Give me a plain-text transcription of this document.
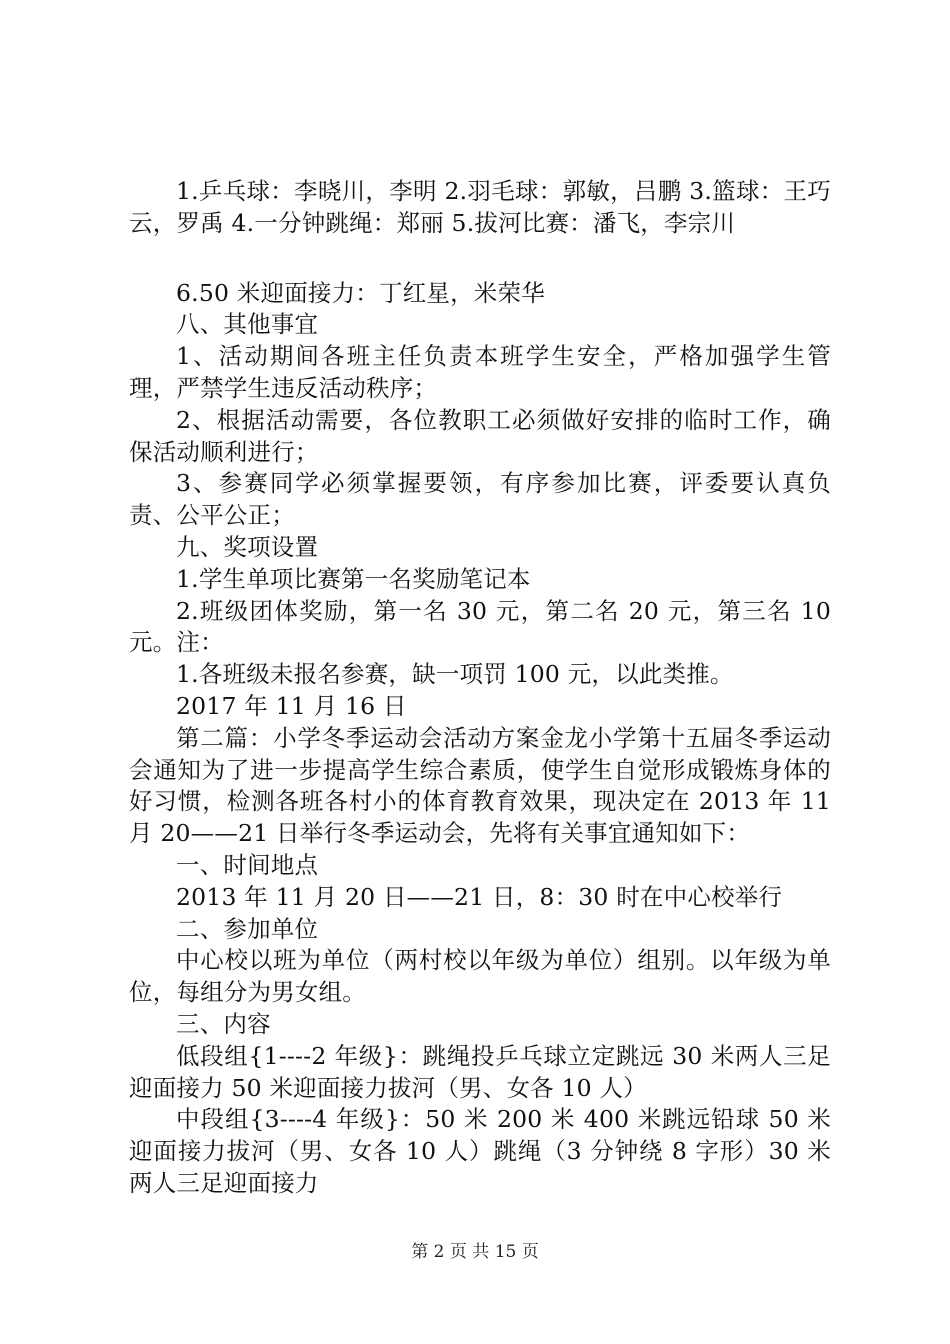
1.乒乓球：李晓川，李明 2.羽毛球：郭敏，吕鹏 3.篮球：王巧云，罗禹 4.一分钟跳绳：郑丽 5.拔河比赛：潘飞，李宗川

6.50 米迎面接力：丁红星，米荣华

八、其他事宜

1、活动期间各班主任负责本班学生安全，严格加强学生管理，严禁学生违反活动秩序；

2、根据活动需要，各位教职工必须做好安排的临时工作，确保活动顺利进行；

3、参赛同学必须掌握要领，有序参加比赛，评委要认真负责、公平公正；

九、奖项设置

1.学生单项比赛第一名奖励笔记本

2.班级团体奖励，第一名 30 元，第二名 20 元，第三名 10 元。注：

1.各班级未报名参赛，缺一项罚 100 元，以此类推。

2017 年 11 月 16 日

第二篇：小学冬季运动会活动方案金龙小学第十五届冬季运动会通知为了进一步提高学生综合素质，使学生自觉形成锻炼身体的好习惯，检测各班各村小的体育教育效果，现决定在 2013 年 11 月 20——21 日举行冬季运动会，先将有关事宜通知如下：

一、时间地点

2013 年 11 月 20 日——21 日，8：30 时在中心校举行

二、参加单位

中心校以班为单位（两村校以年级为单位）组别。以年级为单位，每组分为男女组。

三、内容

低段组{1----2 年级}：跳绳投乒乓球立定跳远 30 米两人三足迎面接力 50 米迎面接力拔河（男、女各 10 人）

中段组{3----4 年级}：50 米 200 米 400 米跳远铅球 50 米迎面接力拔河（男、女各 10 人）跳绳（3 分钟绕 8 字形）30 米两人三足迎面接力

第 2 页 共 15 页
